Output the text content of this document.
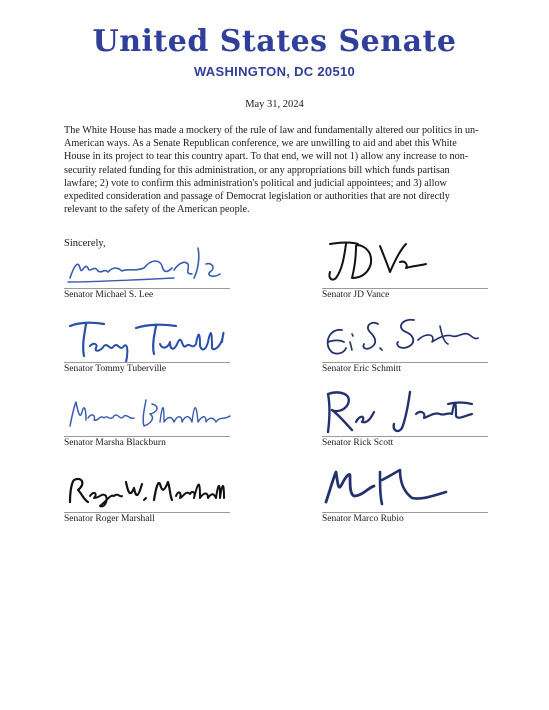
United States Senate
WASHINGTON, DC 20510
May 31, 2024
The White House has made a mockery of the rule of law and fundamentally altered our politics in un-American ways. As a Senate Republican conference, we are unwilling to aid and abet this White House in its project to tear this country apart. To that end, we will not 1) allow any increase to non-security related funding for this administration, or any appropriations bill which funds partisan lawfare; 2) vote to confirm this administration's political and judicial appointees; and 3) allow expedited consideration and passage of Democrat legislation or authorities that are not directly relevant to the safety of the American people.
Sincerely,
Senator Michael S. Lee
Senator Tommy Tuberville
Senator Marsha Blackburn
Senator Roger Marshall
Senator JD Vance
Senator Eric Schmitt
Senator Rick Scott
Senator Marco Rubio
